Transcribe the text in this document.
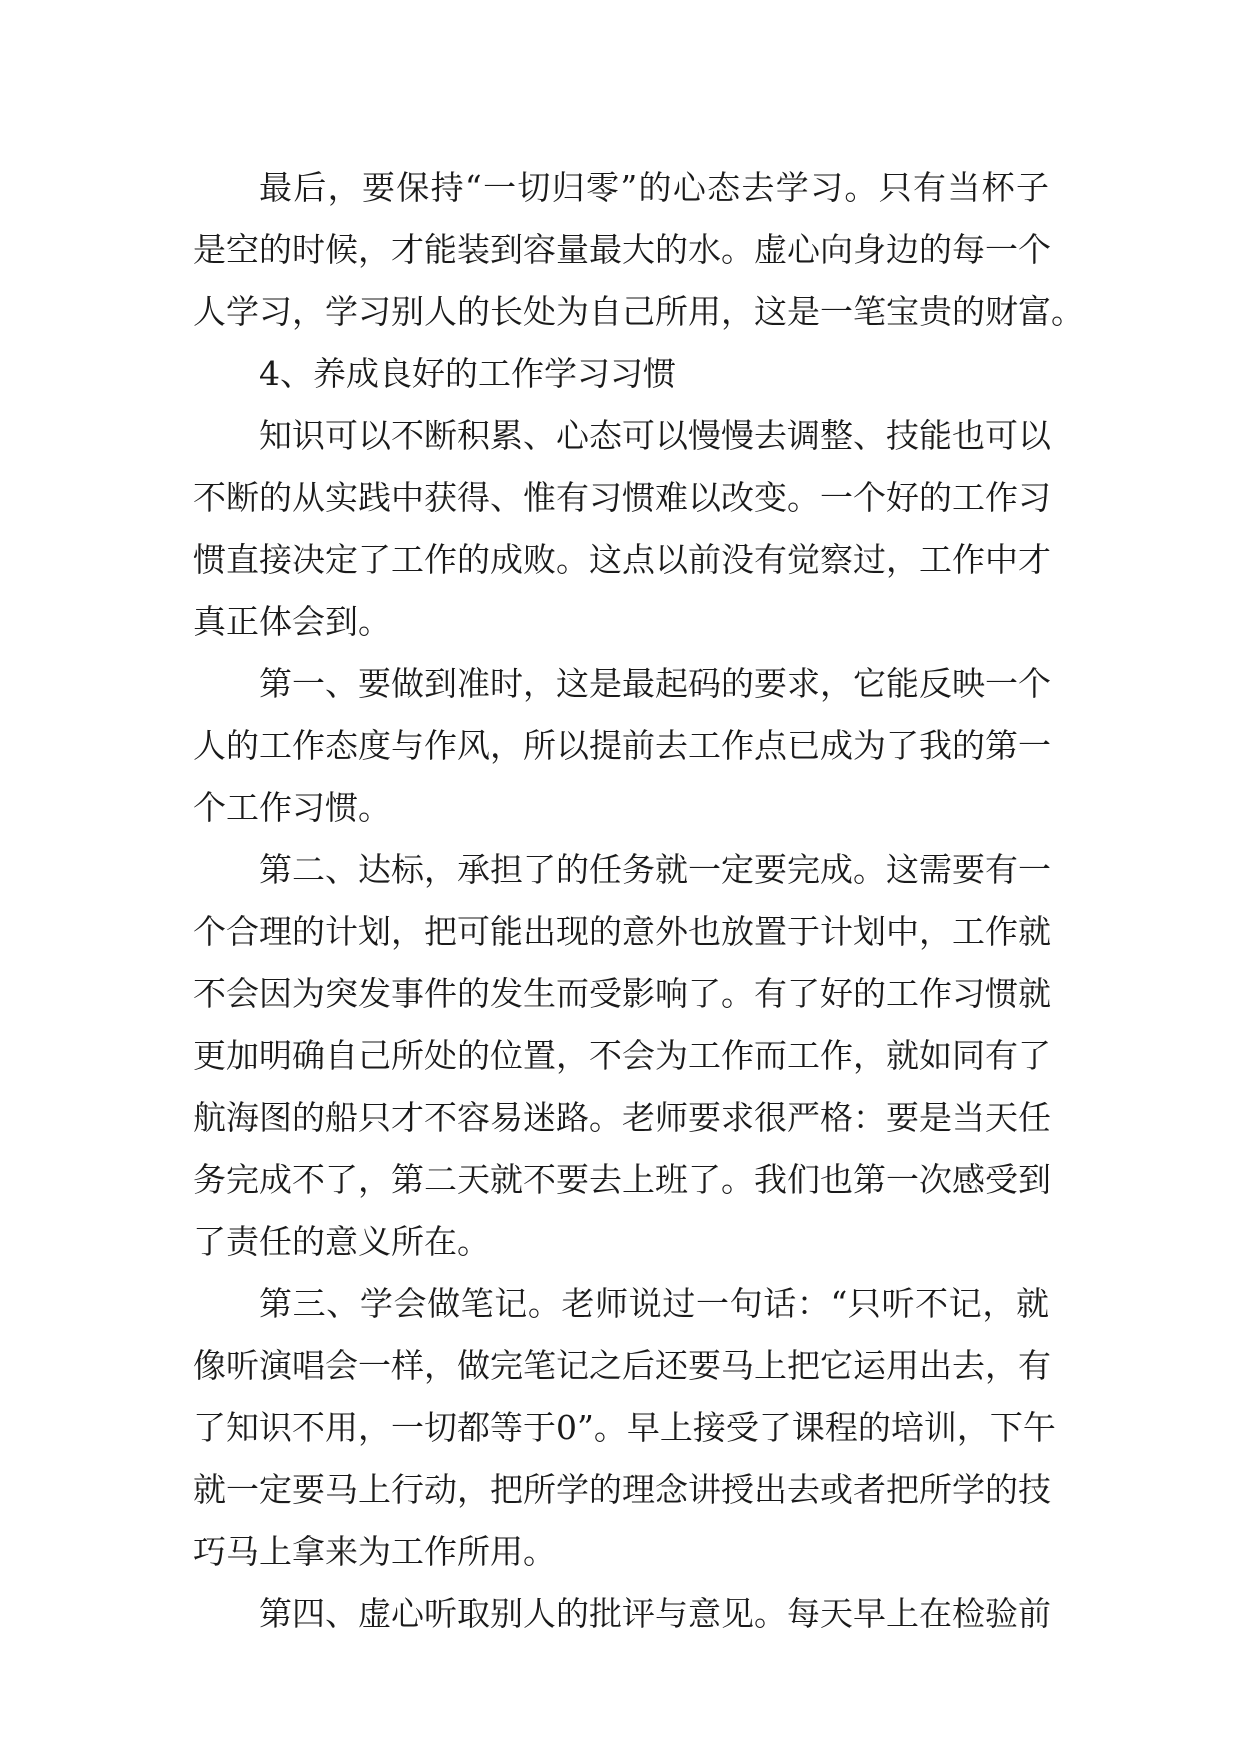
最后，要保持“一切归零”的心态去学习。只有当杯子
是空的时候，才能装到容量最大的水。虚心向身边的每一个
人学习，学习别人的长处为自己所用，这是一笔宝贵的财富。
4、养成良好的工作学习习惯
知识可以不断积累、心态可以慢慢去调整、技能也可以
不断的从实践中获得、惟有习惯难以改变。一个好的工作习
惯直接决定了工作的成败。这点以前没有觉察过，工作中才
真正体会到。
第一、要做到准时，这是最起码的要求，它能反映一个
人的工作态度与作风，所以提前去工作点已成为了我的第一
个工作习惯。
第二、达标，承担了的任务就一定要完成。这需要有一
个合理的计划，把可能出现的意外也放置于计划中，工作就
不会因为突发事件的发生而受影响了。有了好的工作习惯就
更加明确自己所处的位置，不会为工作而工作，就如同有了
航海图的船只才不容易迷路。老师要求很严格：要是当天任
务完成不了，第二天就不要去上班了。我们也第一次感受到
了责任的意义所在。
第三、学会做笔记。老师说过一句话：“只听不记，就
像听演唱会一样，做完笔记之后还要马上把它运用出去，有
了知识不用，一切都等于0”。早上接受了课程的培训，下午
就一定要马上行动，把所学的理念讲授出去或者把所学的技
巧马上拿来为工作所用。
第四、虚心听取别人的批评与意见。每天早上在检验前
